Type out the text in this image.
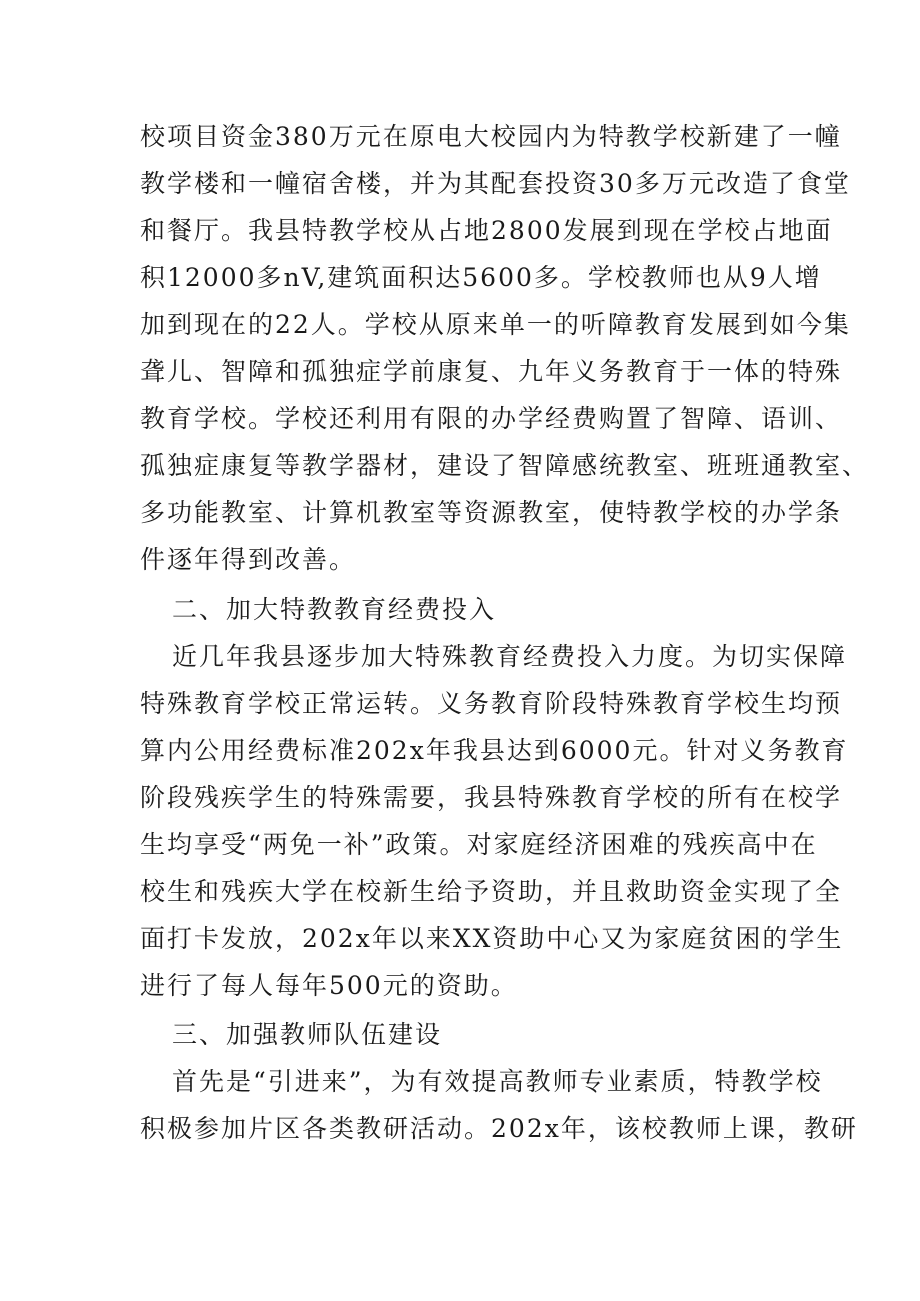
校项目资金380万元在原电大校园内为特教学校新建了一幢
教学楼和一幢宿舍楼，并为其配套投资30多万元改造了食堂
和餐厅。我县特教学校从占地2800发展到现在学校占地面
积12000多nV,建筑面积达5600多。学校教师也从9人增
加到现在的22人。学校从原来单一的听障教育发展到如今集
聋儿、智障和孤独症学前康复、九年义务教育于一体的特殊
教育学校。学校还利用有限的办学经费购置了智障、语训、
孤独症康复等教学器材，建设了智障感统教室、班班通教室、
多功能教室、计算机教室等资源教室，使特教学校的办学条
件逐年得到改善。
二、加大特教教育经费投入
近几年我县逐步加大特殊教育经费投入力度。为切实保障
特殊教育学校正常运转。义务教育阶段特殊教育学校生均预
算内公用经费标准202x年我县达到6000元。针对义务教育
阶段残疾学生的特殊需要，我县特殊教育学校的所有在校学
生均享受“两免一补”政策。对家庭经济困难的残疾高中在
校生和残疾大学在校新生给予资助，并且救助资金实现了全
面打卡发放，202x年以来XX资助中心又为家庭贫困的学生
进行了每人每年500元的资助。
三、加强教师队伍建设
首先是“引进来”，为有效提高教师专业素质，特教学校
积极参加片区各类教研活动。202x年，该校教师上课，教研
